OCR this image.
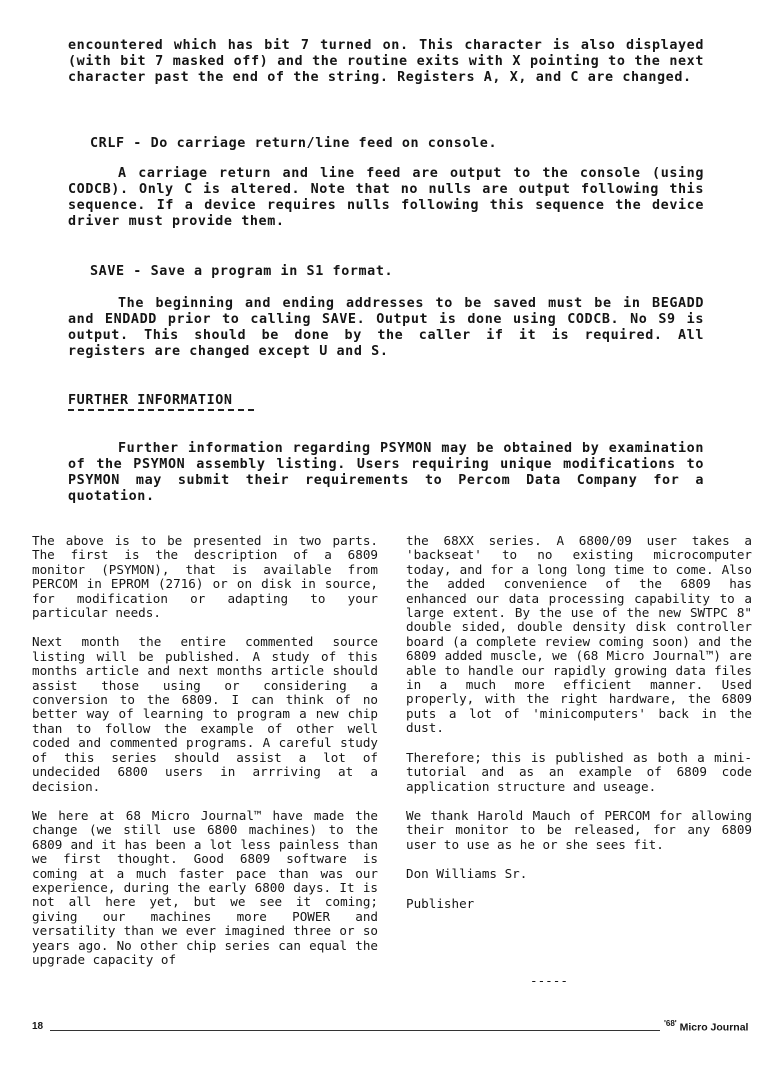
encountered which has bit 7 turned on. This character is also displayed (with bit 7 masked off) and the routine exits with X pointing to the next character past the end of the string. Registers A, X, and C are changed.

CRLF - Do carriage return/line feed on console.

A carriage return and line feed are output to the console (using CODCB). Only C is altered. Note that no nulls are output following this sequence. If a device requires nulls following this sequence the device driver must provide them.

SAVE - Save a program in S1 format.

The beginning and ending addresses to be saved must be in BEGADD and ENDADD prior to calling SAVE. Output is done using CODCB. No S9 is output. This should be done by the caller if it is required. All registers are changed except U and S.

FURTHER INFORMATION

Further information regarding PSYMON may be obtained by examination of the PSYMON assembly listing. Users requiring unique modifications to PSYMON may submit their requirements to Percom Data Company for a quotation.

The above is to be presented in two parts. The first is the description of a 6809 monitor (PSYMON), that is available from PERCOM in EPROM (2716) or on disk in source, for modification or adapting to your particular needs.

Next month the entire commented source listing will be published. A study of this months article and next months article should assist those using or considering a conversion to the 6809. I can think of no better way of learning to program a new chip than to follow the example of other well coded and commented programs. A careful study of this series should assist a lot of undecided 6800 users in arrriving at a decision.

We here at 68 Micro Journal™ have made the change (we still use 6800 machines) to the 6809 and it has been a lot less painless than we first thought. Good 6809 software is coming at a much faster pace than was our experience, during the early 6800 days. It is not all here yet, but we see it coming; giving our machines more POWER and versatility than we ever imagined three or so years ago. No other chip series can equal the upgrade capacity of

the 68XX series. A 6800/09 user takes a 'backseat' to no existing microcomputer today, and for a long long time to come. Also the added convenience of the 6809 has enhanced our data processing capability to a large extent. By the use of the new SWTPC 8" double sided, double density disk controller board (a complete review coming soon) and the 6809 added muscle, we (68 Micro Journal™) are able to handle our rapidly growing data files in a much more efficient manner. Used properly, with the right hardware, the 6809 puts a lot of 'minicomputers' back in the dust.

Therefore; this is published as both a mini-tutorial and as an example of 6809 code application structure and useage.

We thank Harold Mauch of PERCOM for allowing their monitor to be released, for any 6809 user to use as he or she sees fit.

Don Williams Sr.

Publisher

-----
18	$^{'68'}$ Micro Journal
